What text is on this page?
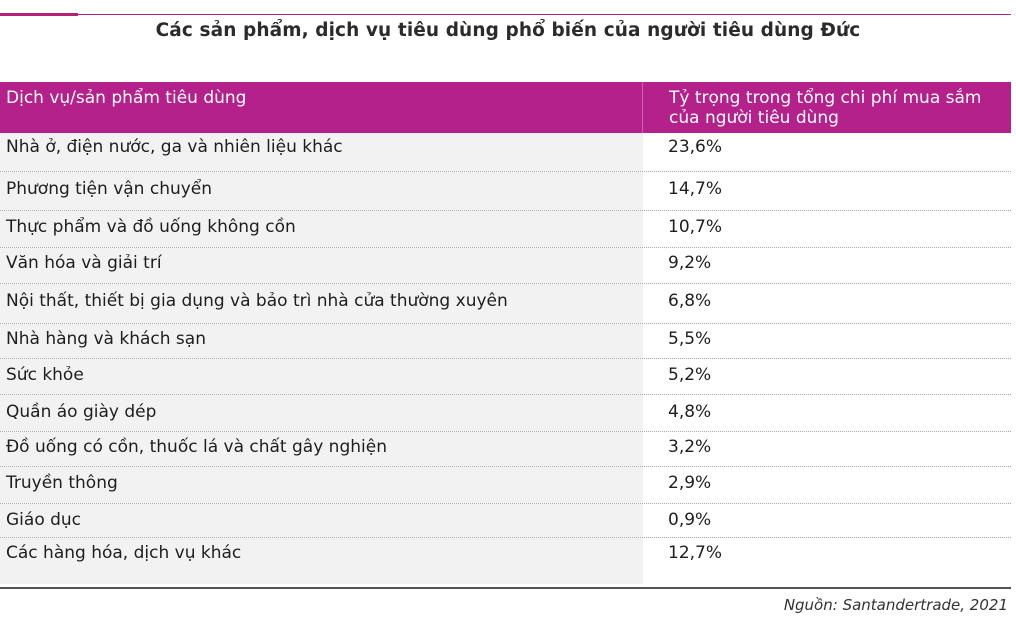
Các sản phẩm, dịch vụ tiêu dùng phổ biến của người tiêu dùng Đức
Dịch vụ/sản phẩm tiêu dùng	Tỷ trọng trong tổng chi phí mua sắm của người tiêu dùng
Nhà ở, điện nước, ga và nhiên liệu khác	23,6%
Phương tiện vận chuyển	14,7%
Thực phẩm và đồ uống không cồn	10,7%
Văn hóa và giải trí	9,2%
Nội thất, thiết bị gia dụng và bảo trì nhà cửa thường xuyên	6,8%
Nhà hàng và khách sạn	5,5%
Sức khỏe	5,2%
Quần áo giày dép	4,8%
Đồ uống có cồn, thuốc lá và chất gây nghiện	3,2%
Truyền thông	2,9%
Giáo dục	0,9%
Các hàng hóa, dịch vụ khác	12,7%
Nguồn: Santandertrade, 2021
